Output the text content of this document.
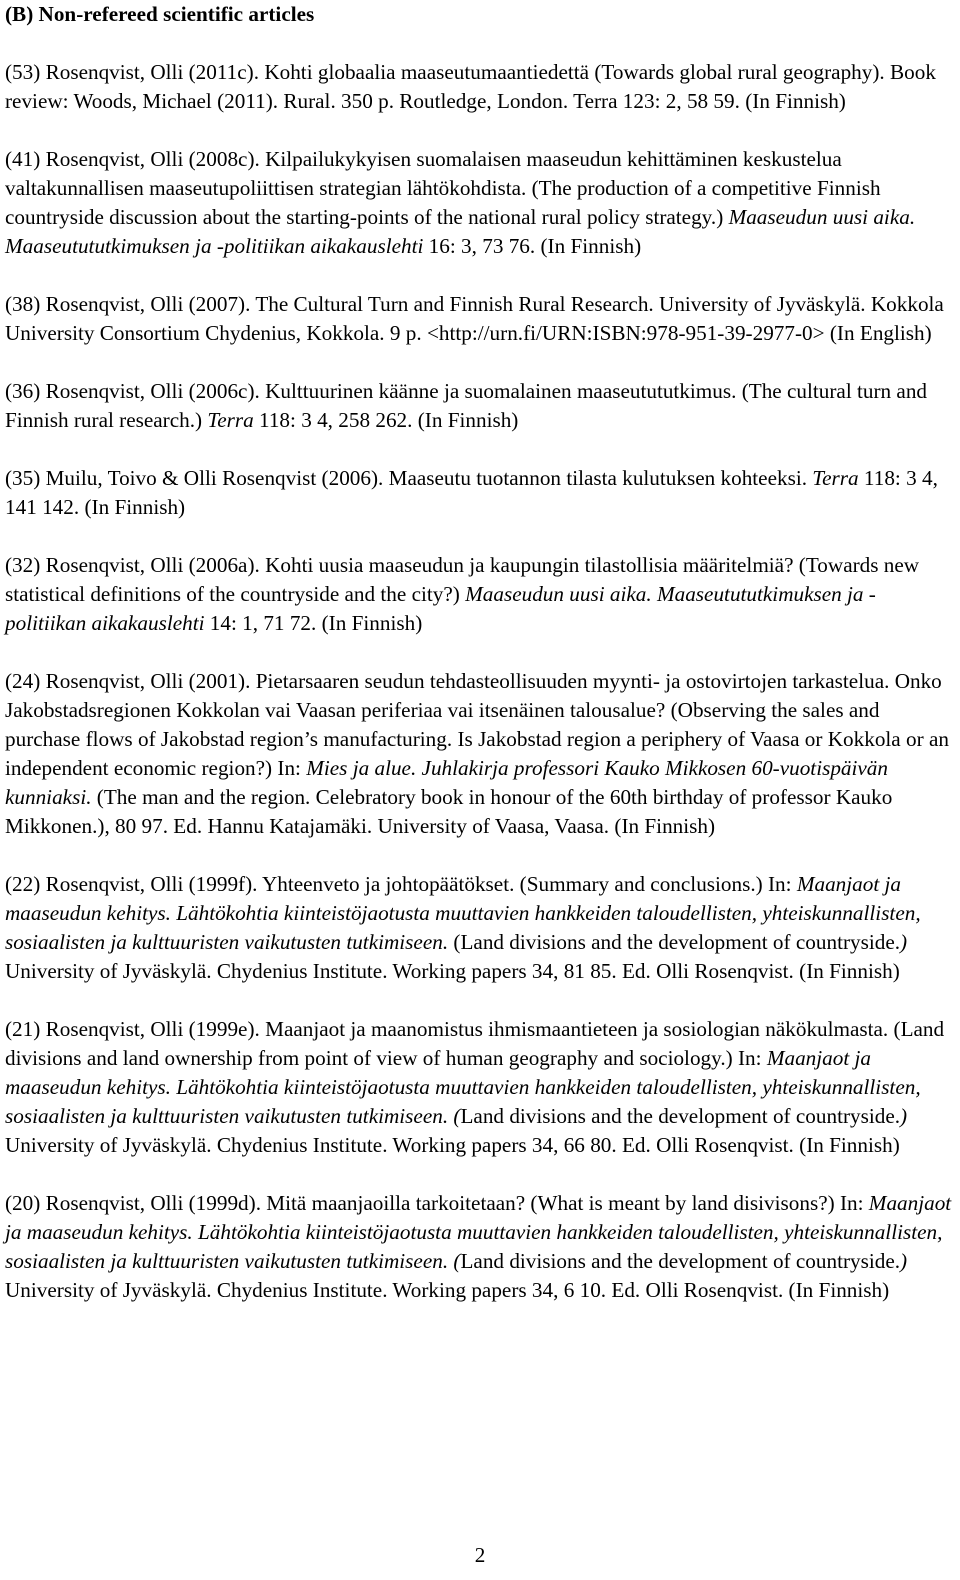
(B) Non-refereed scientific articles

(53) Rosenqvist, Olli (2011c). Kohti globaalia maaseutumaantiedettä (Towards global rural geography). Book review: Woods, Michael (2011). Rural. 350 p. Routledge, London. Terra 123: 2, 58 59. (In Finnish)

(41) Rosenqvist, Olli (2008c). Kilpailukykyisen suomalaisen maaseudun kehittäminen keskustelua valtakunnallisen maaseutupoliittisen strategian lähtökohdista. (The production of a competitive Finnish countryside discussion about the starting-points of the national rural policy strategy.) Maaseudun uusi aika. Maaseutututkimuksen ja -politiikan aikakauslehti 16: 3, 73 76. (In Finnish)

(38) Rosenqvist, Olli (2007). The Cultural Turn and Finnish Rural Research. University of Jyväskylä. Kokkola University Consortium Chydenius, Kokkola. 9 p. <http://urn.fi/URN:ISBN:978-951-39-2977-0> (In English)

(36) Rosenqvist, Olli (2006c). Kulttuurinen käänne ja suomalainen maaseutututkimus. (The cultural turn and Finnish rural research.) Terra 118: 3 4, 258 262. (In Finnish)

(35) Muilu, Toivo & Olli Rosenqvist (2006). Maaseutu tuotannon tilasta kulutuksen kohteeksi. Terra 118: 3 4, 141 142. (In Finnish)

(32) Rosenqvist, Olli (2006a). Kohti uusia maaseudun ja kaupungin tilastollisia määritelmiä? (Towards new statistical definitions of the countryside and the city?) Maaseudun uusi aika. Maaseutututkimuksen ja -politiikan aikakauslehti 14: 1, 71 72. (In Finnish)

(24) Rosenqvist, Olli (2001). Pietarsaaren seudun tehdasteollisuuden myynti- ja ostovirtojen tarkastelua. Onko Jakobstadsregionen Kokkolan vai Vaasan periferiaa vai itsenäinen talousalue? (Observing the sales and purchase flows of Jakobstad region’s manufacturing. Is Jakobstad region a periphery of Vaasa or Kokkola or an independent economic region?) In: Mies ja alue. Juhlakirja professori Kauko Mikkosen 60-vuotispäivän kunniaksi. (The man and the region. Celebratory book in honour of the 60th birthday of professor Kauko Mikkonen.), 80 97. Ed. Hannu Katajamäki. University of Vaasa, Vaasa. (In Finnish)

(22) Rosenqvist, Olli (1999f). Yhteenveto ja johtopäätökset. (Summary and conclusions.) In: Maanjaot ja maaseudun kehitys. Lähtökohtia kiinteistöjaotusta muuttavien hankkeiden taloudellisten, yhteiskunnallisten, sosiaalisten ja kulttuuristen vaikutusten tutkimiseen. (Land divisions and the development of countryside.) University of Jyväskylä. Chydenius Institute. Working papers 34, 81 85. Ed. Olli Rosenqvist. (In Finnish)

(21) Rosenqvist, Olli (1999e). Maanjaot ja maanomistus ihmismaantieteen ja sosiologian näkökulmasta. (Land divisions and land ownership from point of view of human geography and sociology.) In: Maanjaot ja maaseudun kehitys. Lähtökohtia kiinteistöjaotusta muuttavien hankkeiden taloudellisten, yhteiskunnallisten, sosiaalisten ja kulttuuristen vaikutusten tutkimiseen. (Land divisions and the development of countryside.) University of Jyväskylä. Chydenius Institute. Working papers 34, 66 80. Ed. Olli Rosenqvist. (In Finnish)

(20) Rosenqvist, Olli (1999d). Mitä maanjaoilla tarkoitetaan? (What is meant by land disivisons?) In: Maanjaot ja maaseudun kehitys. Lähtökohtia kiinteistöjaotusta muuttavien hankkeiden taloudellisten, yhteiskunnallisten, sosiaalisten ja kulttuuristen vaikutusten tutkimiseen. (Land divisions and the development of countryside.) University of Jyväskylä. Chydenius Institute. Working papers 34, 6 10. Ed. Olli Rosenqvist. (In Finnish)

2
